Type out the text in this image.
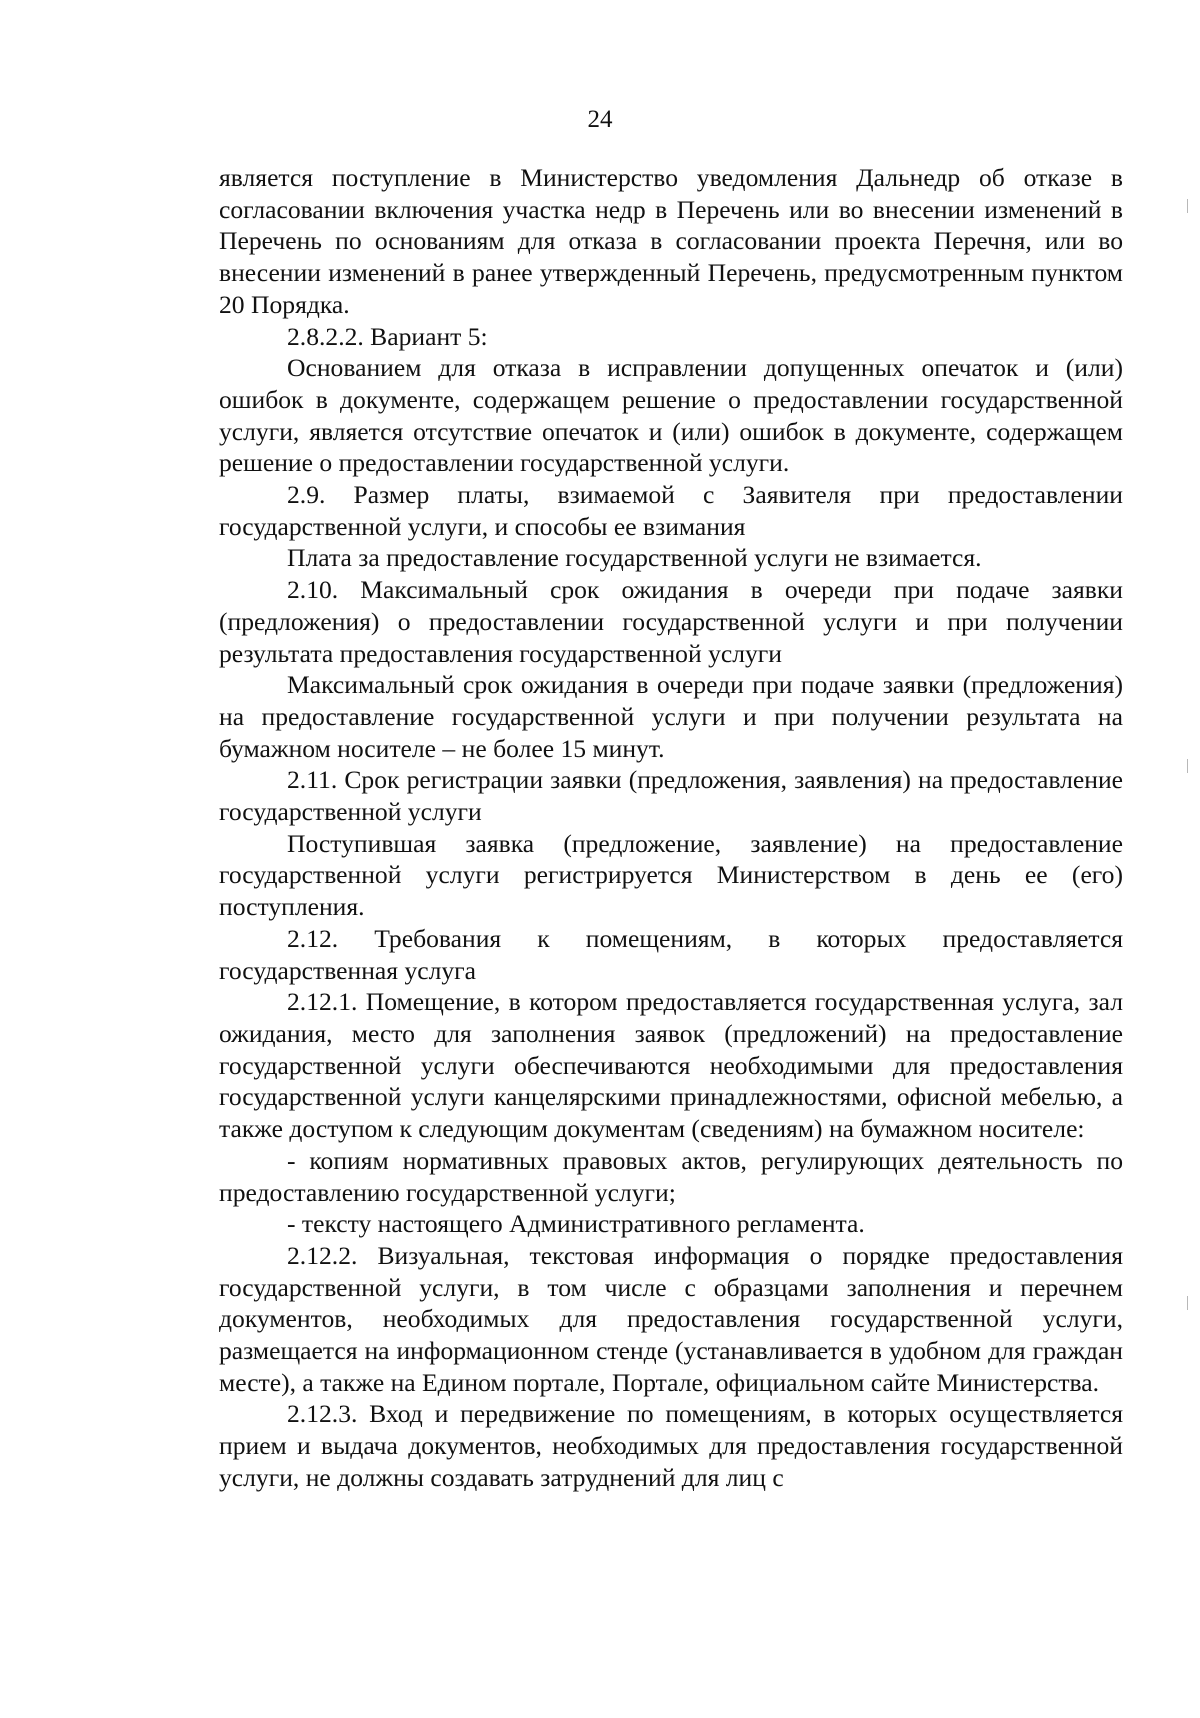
24

является поступление в Министерство уведомления Дальнедр об отказе в согласовании включения участка недр в Перечень или во внесении изменений в Перечень по основаниям для отказа в согласовании проекта Перечня, или во внесении изменений в ранее утвержденный Перечень, предусмотренным пунктом 20 Порядка.

2.8.2.2. Вариант 5:

Основанием для отказа в исправлении допущенных опечаток и (или) ошибок в документе, содержащем решение о предоставлении государственной услуги, является отсутствие опечаток и (или) ошибок в документе, содержащем решение о предоставлении государственной услуги.

2.9. Размер платы, взимаемой с Заявителя при предоставлении государственной услуги, и способы ее взимания

Плата за предоставление государственной услуги не взимается.

2.10. Максимальный срок ожидания в очереди при подаче заявки (предложения) о предоставлении государственной услуги и при получении результата предоставления государственной услуги

Максимальный срок ожидания в очереди при подаче заявки (предложения) на предоставление государственной услуги и при получении результата на бумажном носителе – не более 15 минут.

2.11. Срок регистрации заявки (предложения, заявления) на предоставление государственной услуги

Поступившая заявка (предложение, заявление) на предоставление государственной услуги регистрируется Министерством в день ее (его) поступления.

2.12. Требования к помещениям, в которых предоставляется государственная услуга

2.12.1. Помещение, в котором предоставляется государственная услуга, зал ожидания, место для заполнения заявок (предложений) на предоставление государственной услуги обеспечиваются необходимыми для предоставления государственной услуги канцелярскими принадлежностями, офисной мебелью, а также доступом к следующим документам (сведениям) на бумажном носителе:

- копиям нормативных правовых актов, регулирующих деятельность по предоставлению государственной услуги;

- тексту настоящего Административного регламента.

2.12.2. Визуальная, текстовая информация о порядке предоставления государственной услуги, в том числе с образцами заполнения и перечнем документов, необходимых для предоставления государственной услуги, размещается на информационном стенде (устанавливается в удобном для граждан месте), а также на Едином портале, Портале, официальном сайте Министерства.

2.12.3. Вход и передвижение по помещениям, в которых осуществляется прием и выдача документов, необходимых для предоставления государственной услуги, не должны создавать затруднений для лиц с
